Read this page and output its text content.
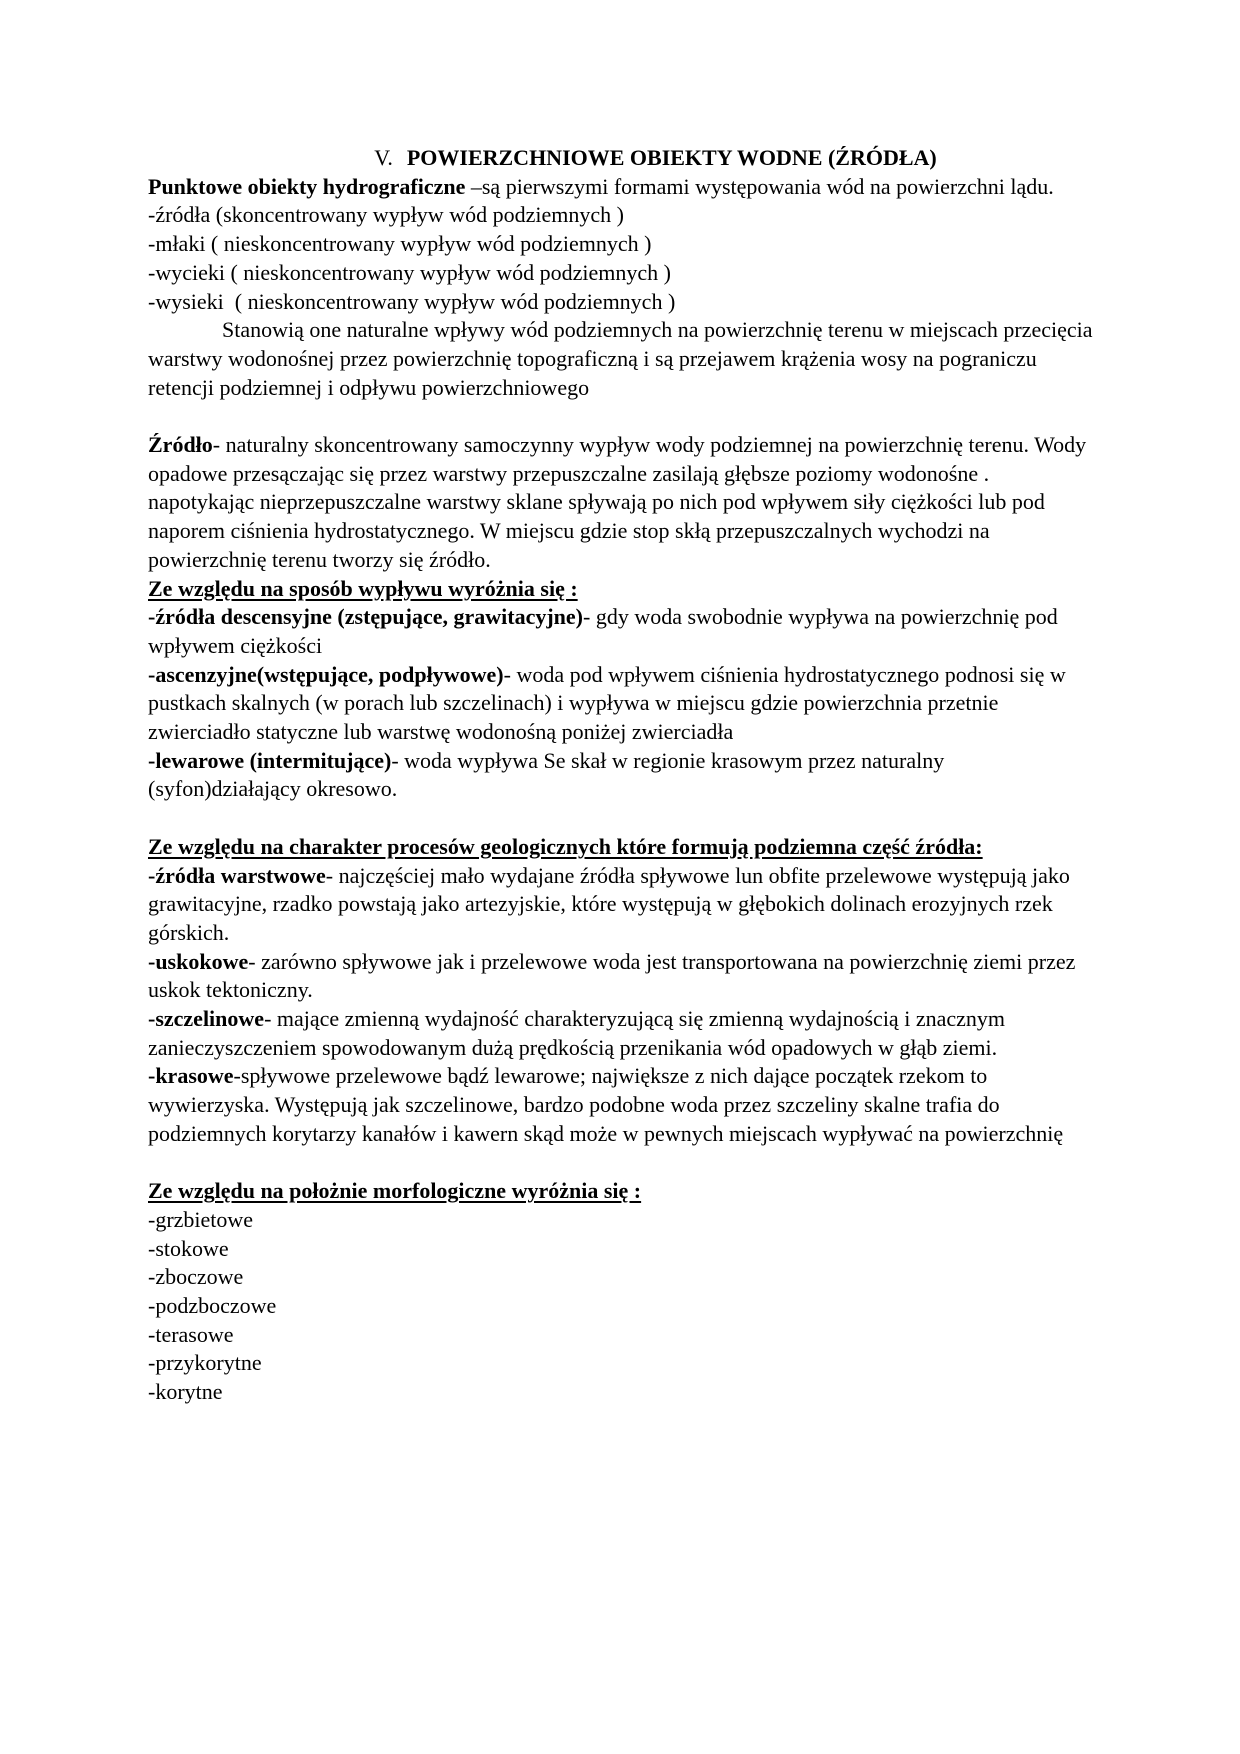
V. POWIERZCHNIOWE OBIEKTY WODNE (ŹRÓDŁA)

Punktowe obiekty hydrograficzne –są pierwszymi formami występowania wód na powierzchni lądu.

-źródła (skoncentrowany wypływ wód podziemnych )

-młaki ( nieskoncentrowany wypływ wód podziemnych )

-wycieki ( nieskoncentrowany wypływ wód podziemnych )

-wysieki  ( nieskoncentrowany wypływ wód podziemnych )

Stanowią one naturalne wpływy wód podziemnych na powierzchnię terenu w miejscach przecięcia warstwy wodonośnej przez powierzchnię topograficzną i są przejawem krążenia wosy na pograniczu retencji podziemnej i odpływu powierzchniowego

Źródło- naturalny skoncentrowany samoczynny wypływ wody podziemnej na powierzchnię terenu. Wody opadowe przesączając się przez warstwy przepuszczalne zasilają głębsze poziomy wodonośne . napotykając nieprzepuszczalne warstwy sklane spływają po nich pod wpływem siły ciężkości lub pod naporem ciśnienia hydrostatycznego. W miejscu gdzie stop skłą przepuszczalnych wychodzi na powierzchnię terenu tworzy się źródło.

Ze względu na sposób wypływu wyróżnia się :

-źródła descensyjne (zstępujące, grawitacyjne)- gdy woda swobodnie wypływa na powierzchnię pod wpływem ciężkości

-ascenzyjne(wstępujące, podpływowe)- woda pod wpływem ciśnienia hydrostatycznego podnosi się w pustkach skalnych (w porach lub szczelinach) i wypływa w miejscu gdzie powierzchnia przetnie zwierciadło statyczne lub warstwę wodonośną poniżej zwierciadła

-lewarowe (intermitujące)- woda wypływa Se skał w regionie krasowym przez naturalny (syfon)działający okresowo.

Ze względu na charakter procesów geologicznych które formują podziemna część źródła:

-źródła warstwowe- najczęściej mało wydajane źródła spływowe lun obfite przelewowe występują jako grawitacyjne, rzadko powstają jako artezyjskie, które występują w głębokich dolinach erozyjnych rzek górskich.

-uskokowe- zarówno spływowe jak i przelewowe woda jest transportowana na powierzchnię ziemi przez uskok tektoniczny.

-szczelinowe- mające zmienną wydajność charakteryzującą się zmienną wydajnością i znacznym zanieczyszczeniem spowodowanym dużą prędkością przenikania wód opadowych w głąb ziemi.

-krasowe-spływowe przelewowe bądź lewarowe; największe z nich dające początek rzekom to wywierzyska. Występują jak szczelinowe, bardzo podobne woda przez szczeliny skalne trafia do podziemnych korytarzy kanałów i kawern skąd może w pewnych miejscach wypływać na powierzchnię

Ze względu na położnie morfologiczne wyróżnia się :

-grzbietowe

-stokowe

-zboczowe

-podzboczowe

-terasowe

-przykorytne

-korytne
